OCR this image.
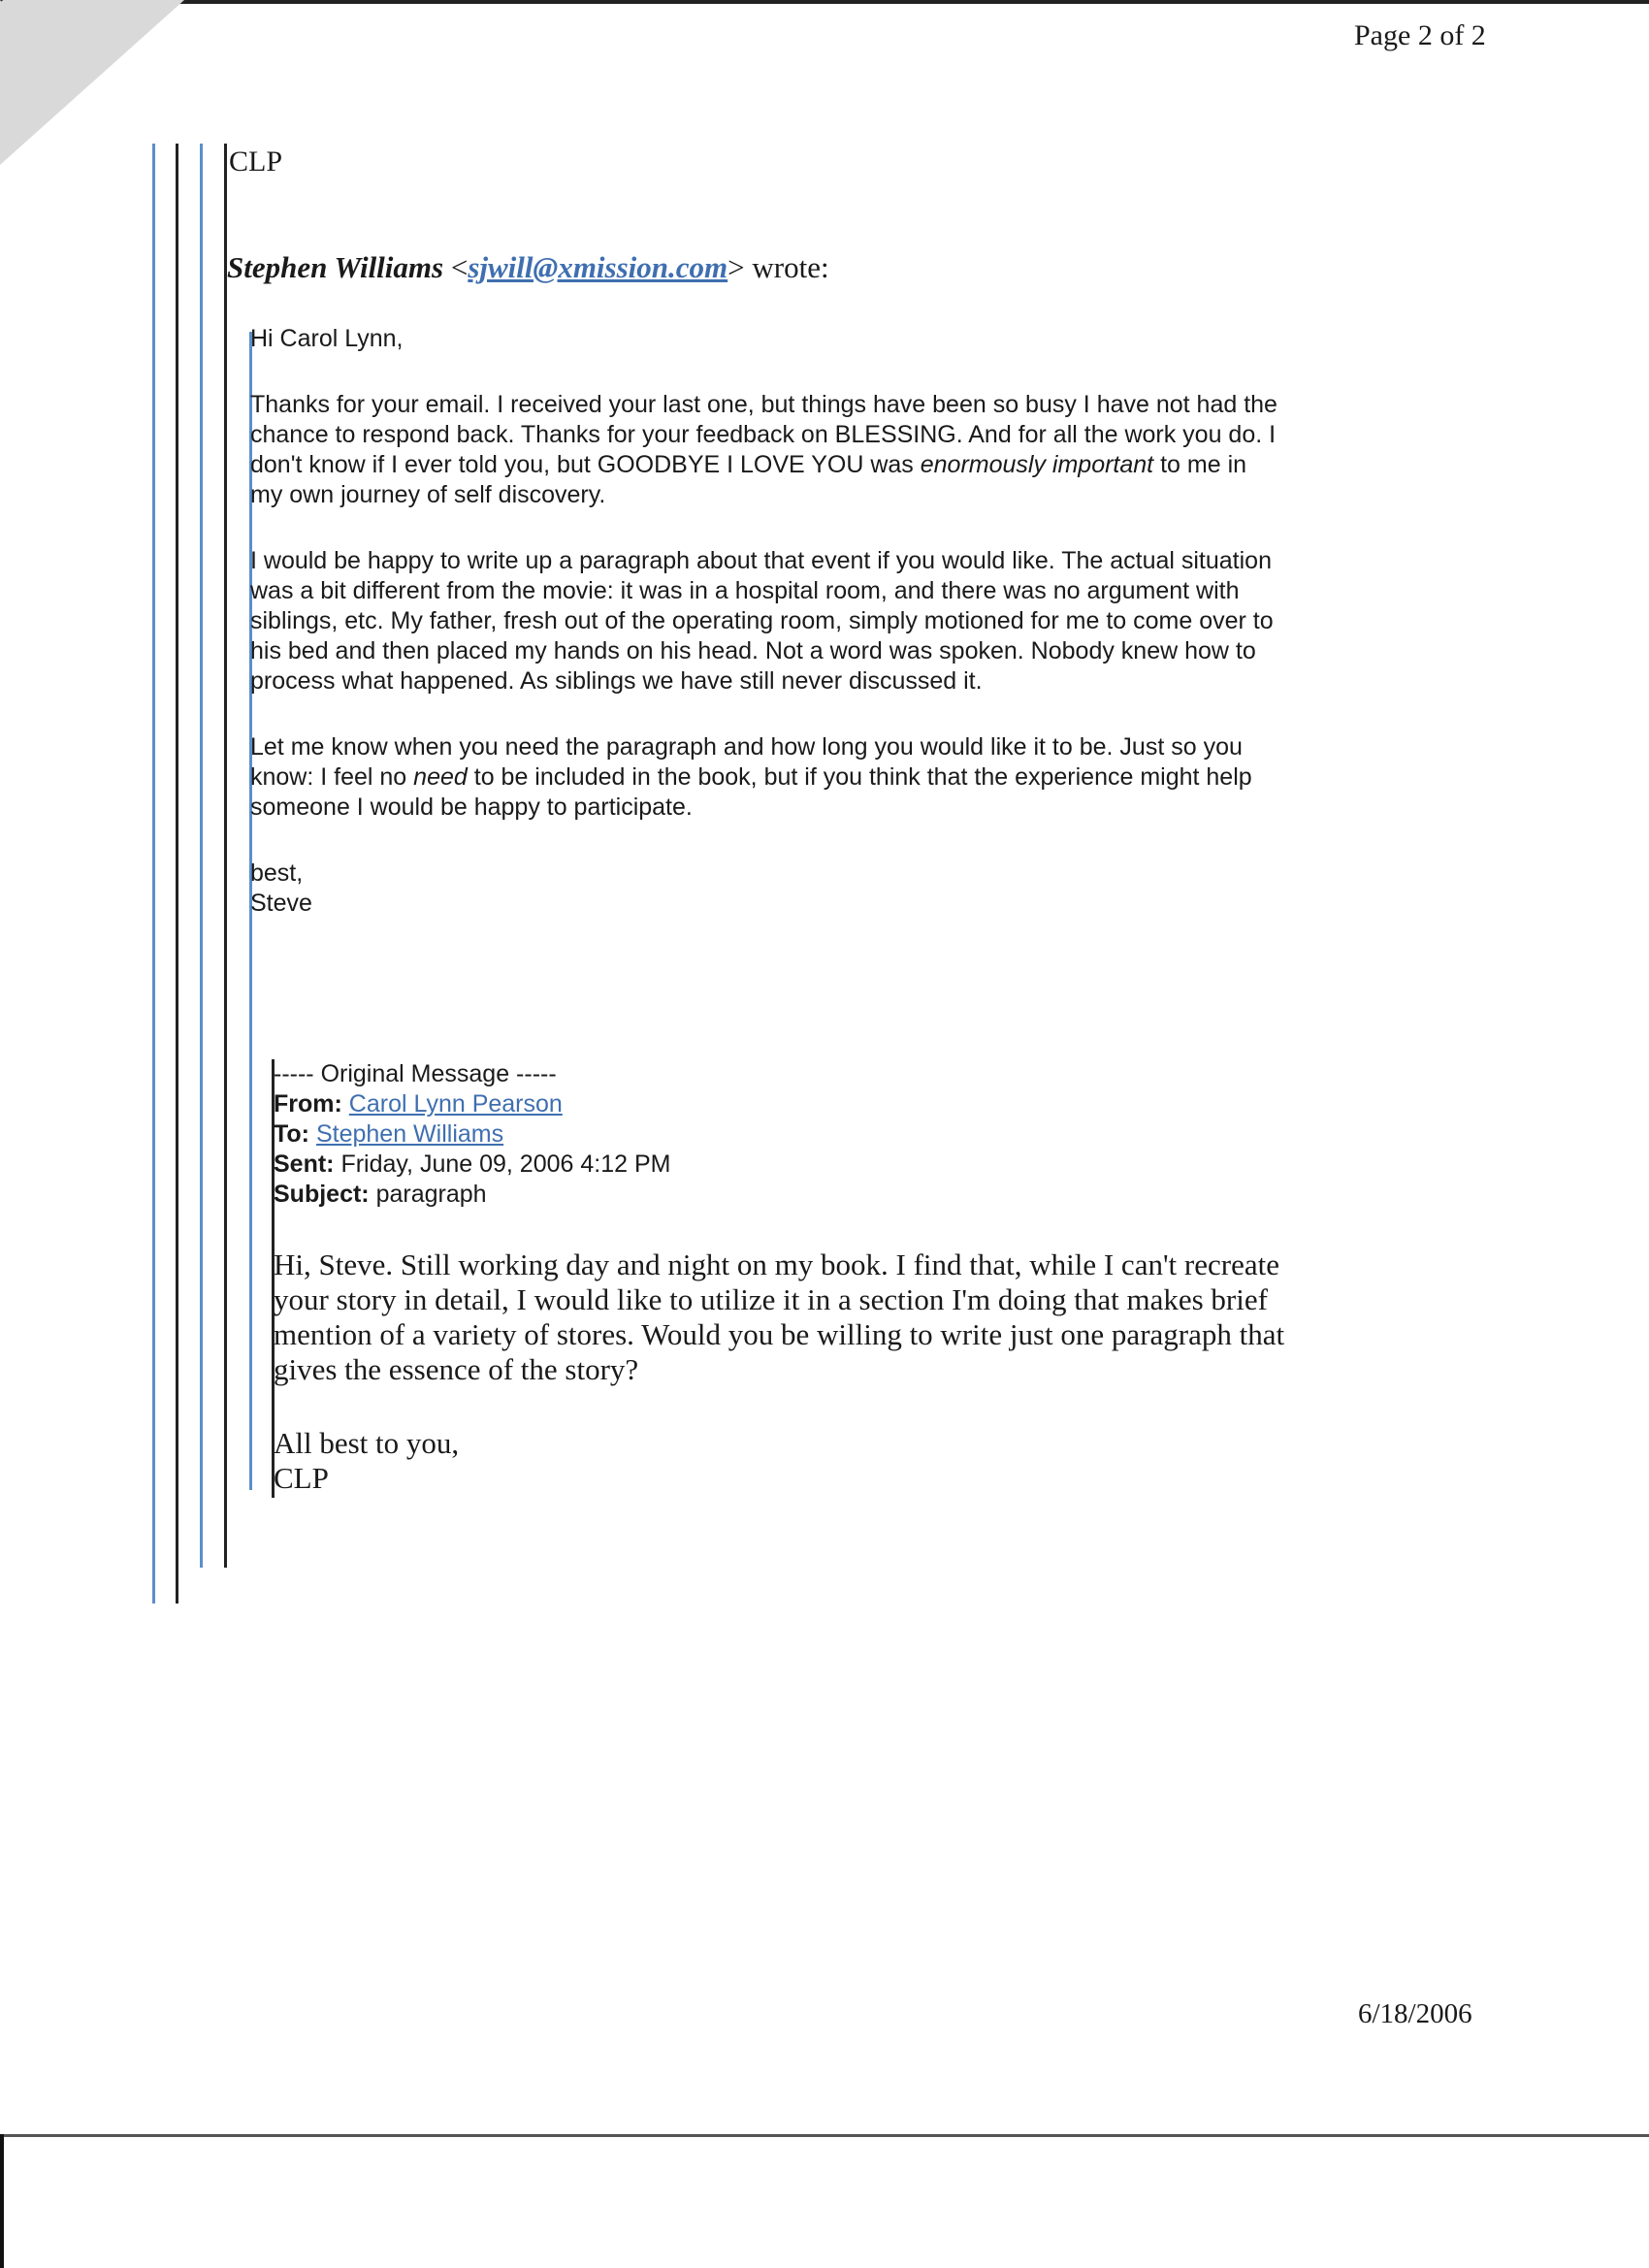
Page 2 of 2
CLP
Stephen Williams <sjwill@xmission.com> wrote:

Hi Carol Lynn,

Thanks for your email. I received your last one, but things have been so busy I have not had the chance to respond back. Thanks for your feedback on BLESSING. And for all the work you do. I don't know if I ever told you, but GOODBYE I LOVE YOU was enormously important to me in my own journey of self discovery.

I would be happy to write up a paragraph about that event if you would like. The actual situation was a bit different from the movie: it was in a hospital room, and there was no argument with siblings, etc. My father, fresh out of the operating room, simply motioned for me to come over to his bed and then placed my hands on his head. Not a word was spoken. Nobody knew how to process what happened. As siblings we have still never discussed it.

Let me know when you need the paragraph and how long you would like it to be. Just so you know: I feel no need to be included in the book, but if you think that the experience might help someone I would be happy to participate.

best,

Steve

----- Original Message -----
From: Carol Lynn Pearson
To: Stephen Williams
Sent: Friday, June 09, 2006 4:12 PM
Subject: paragraph

Hi, Steve. Still working day and night on my book. I find that, while I can't recreate your story in detail, I would like to utilize it in a section I'm doing that makes brief mention of a variety of stores. Would you be willing to write just one paragraph that gives the essence of the story?

All best to you,

CLP

6/18/2006
